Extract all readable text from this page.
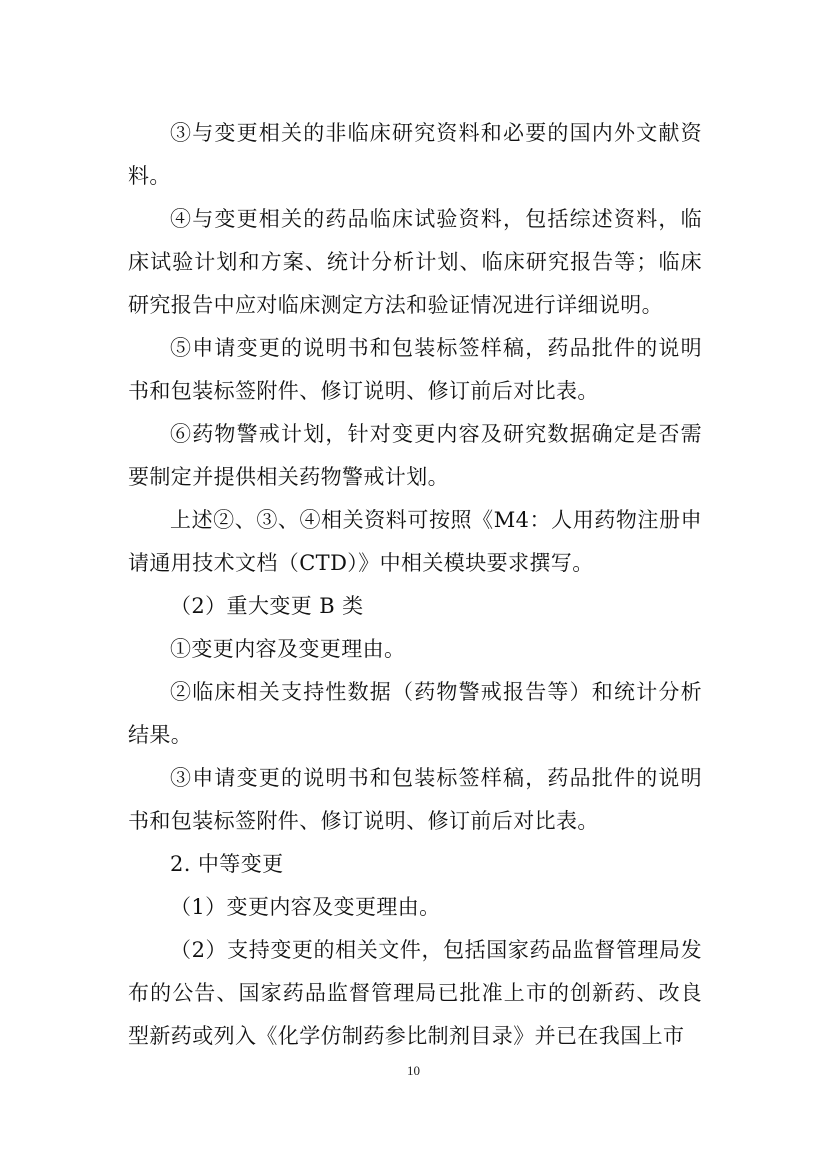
③与变更相关的非临床研究资料和必要的国内外文献资料。

④与变更相关的药品临床试验资料，包括综述资料，临床试验计划和方案、统计分析计划、临床研究报告等；临床研究报告中应对临床测定方法和验证情况进行详细说明。

⑤申请变更的说明书和包装标签样稿，药品批件的说明书和包装标签附件、修订说明、修订前后对比表。

⑥药物警戒计划，针对变更内容及研究数据确定是否需要制定并提供相关药物警戒计划。

上述②、③、④相关资料可按照《M4：人用药物注册申请通用技术文档（CTD）》中相关模块要求撰写。

（2）重大变更 B 类

①变更内容及变更理由。

②临床相关支持性数据（药物警戒报告等）和统计分析结果。

③申请变更的说明书和包装标签样稿，药品批件的说明书和包装标签附件、修订说明、修订前后对比表。

2. 中等变更

（1）变更内容及变更理由。

（2）支持变更的相关文件，包括国家药品监督管理局发布的公告、国家药品监督管理局已批准上市的创新药、改良型新药或列入《化学仿制药参比制剂目录》并已在我国上市

10
